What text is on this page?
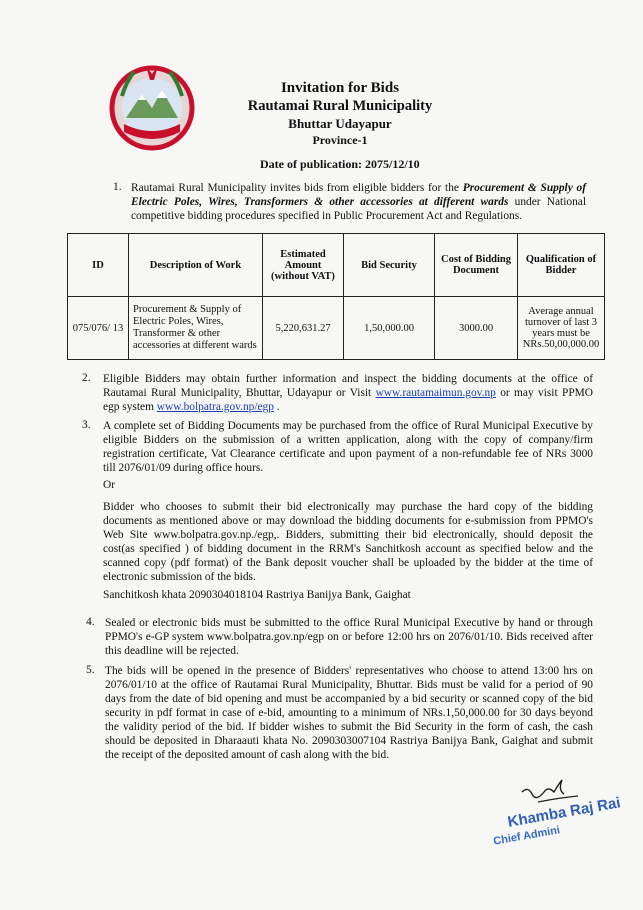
Invitation for Bids
Rautamai Rural Municipality
Bhuttar Udayapur
Province-1
Date of publication: 2075/12/10
1. Rautamai Rural Municipality invites bids from eligible bidders for the Procurement & Supply of Electric Poles, Wires, Transformers & other accessories at different wards under National competitive bidding procedures specified in Public Procurement Act and Regulations.
ID	Description of Work	Estimated Amount (without VAT)	Bid Security	Cost of Bidding Document	Qualification of Bidder
075/076/ 13	Procurement & Supply of Electric Poles, Wires, Transformer & other accessories at different wards	5,220,631.27	1,50,000.00	3000.00	Average annual turnover of last 3 years must be NRs.50,00,000.00
2. Eligible Bidders may obtain further information and inspect the bidding documents at the office of Rautamai Rural Municipality, Bhuttar, Udayapur or Visit www.rautamaimun.gov.np or may visit PPMO egp system www.bolpatra.gov.np/egp .
3. A complete set of Bidding Documents may be purchased from the office of Rural Municipal Executive by eligible Bidders on the submission of a written application, along with the copy of company/firm registration certificate, Vat Clearance certificate and upon payment of a non-refundable fee of NRs 3000 till 2076/01/09 during office hours.
Or
Bidder who chooses to submit their bid electronically may purchase the hard copy of the bidding documents as mentioned above or may download the bidding documents for e-submission from PPMO's Web Site www.bolpatra.gov.np./egp,. Bidders, submitting their bid electronically, should deposit the cost(as specified ) of bidding document in the RRM's Sanchitkosh account as specified below and the scanned copy (pdf format) of the Bank deposit voucher shall be uploaded by the bidder at the time of electronic submission of the bids.
Sanchitkosh khata 2090304018104 Rastriya Banijya Bank, Gaighat
4. Sealed or electronic bids must be submitted to the office Rural Municipal Executive by hand or through PPMO's e-GP system www.bolpatra.gov.np/egp on or before 12:00 hrs on 2076/01/10. Bids received after this deadline will be rejected.
5. The bids will be opened in the presence of Bidders' representatives who choose to attend 13:00 hrs on 2076/01/10 at the office of Rautamai Rural Municipality, Bhuttar. Bids must be valid for a period of 90 days from the date of bid opening and must be accompanied by a bid security or scanned copy of the bid security in pdf format in case of e-bid, amounting to a minimum of NRs.1,50,000.00 for 30 days beyond the validity period of the bid. If bidder wishes to submit the Bid Security in the form of cash, the cash should be deposited in Dharaauti khata No. 2090303007104 Rastriya Banijya Bank, Gaighat and submit the receipt of the deposited amount of cash along with the bid.
Khamba Raj Rai
Chief Admini
